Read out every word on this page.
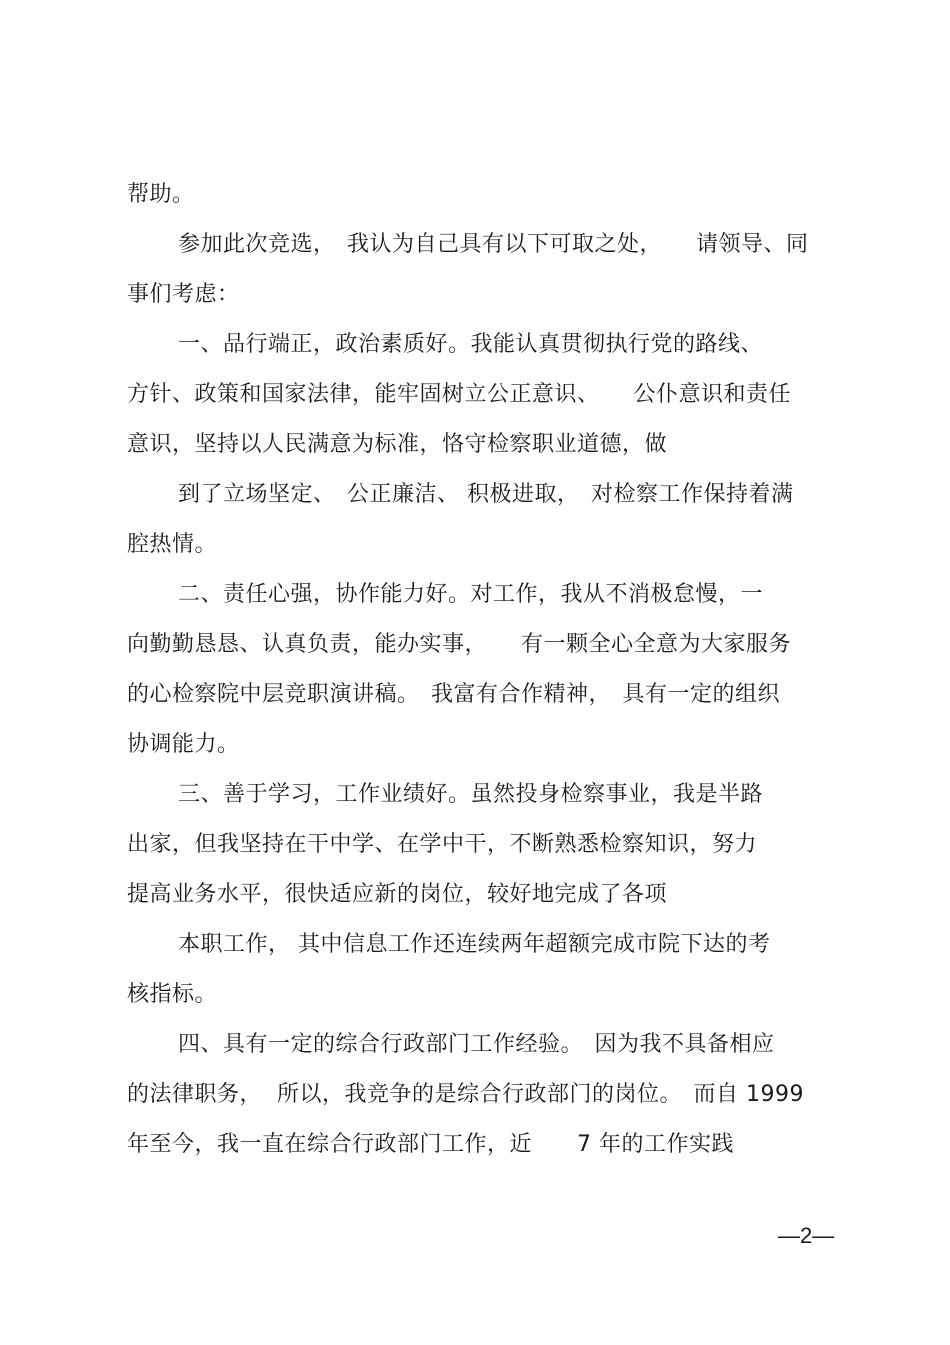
帮助。
参加此次竞选，　我认为自己具有以下可取之处，　　请领导、同
事们考虑：
一、品行端正，政治素质好。我能认真贯彻执行党的路线、
方针、政策和国家法律，能牢固树立公正意识、　　公仆意识和责任
意识，坚持以人民满意为标准，恪守检察职业道德，做
到了立场坚定、　公正廉洁、 积极进取，　对检察工作保持着满
腔热情。
二、责任心强，协作能力好。对工作，我从不消极怠慢，一
向勤勤恳恳、认真负责，能办实事，　　有一颗全心全意为大家服务
的心检察院中层竞职演讲稿。　我富有合作精神，　具有一定的组织
协调能力。
三、善于学习，工作业绩好。虽然投身检察事业，我是半路
出家，但我坚持在干中学、在学中干，不断熟悉检察知识，努力
提高业务水平，很快适应新的岗位，较好地完成了各项
本职工作， 其中信息工作还连续两年超额完成市院下达的考
核指标。
四、具有一定的综合行政部门工作经验。　因为我不具备相应
的法律职务，  所以，我竞争的是综合行政部门的岗位。　而自 1999
年至今，我一直在综合行政部门工作，近　　7 年的工作实践
—2—
